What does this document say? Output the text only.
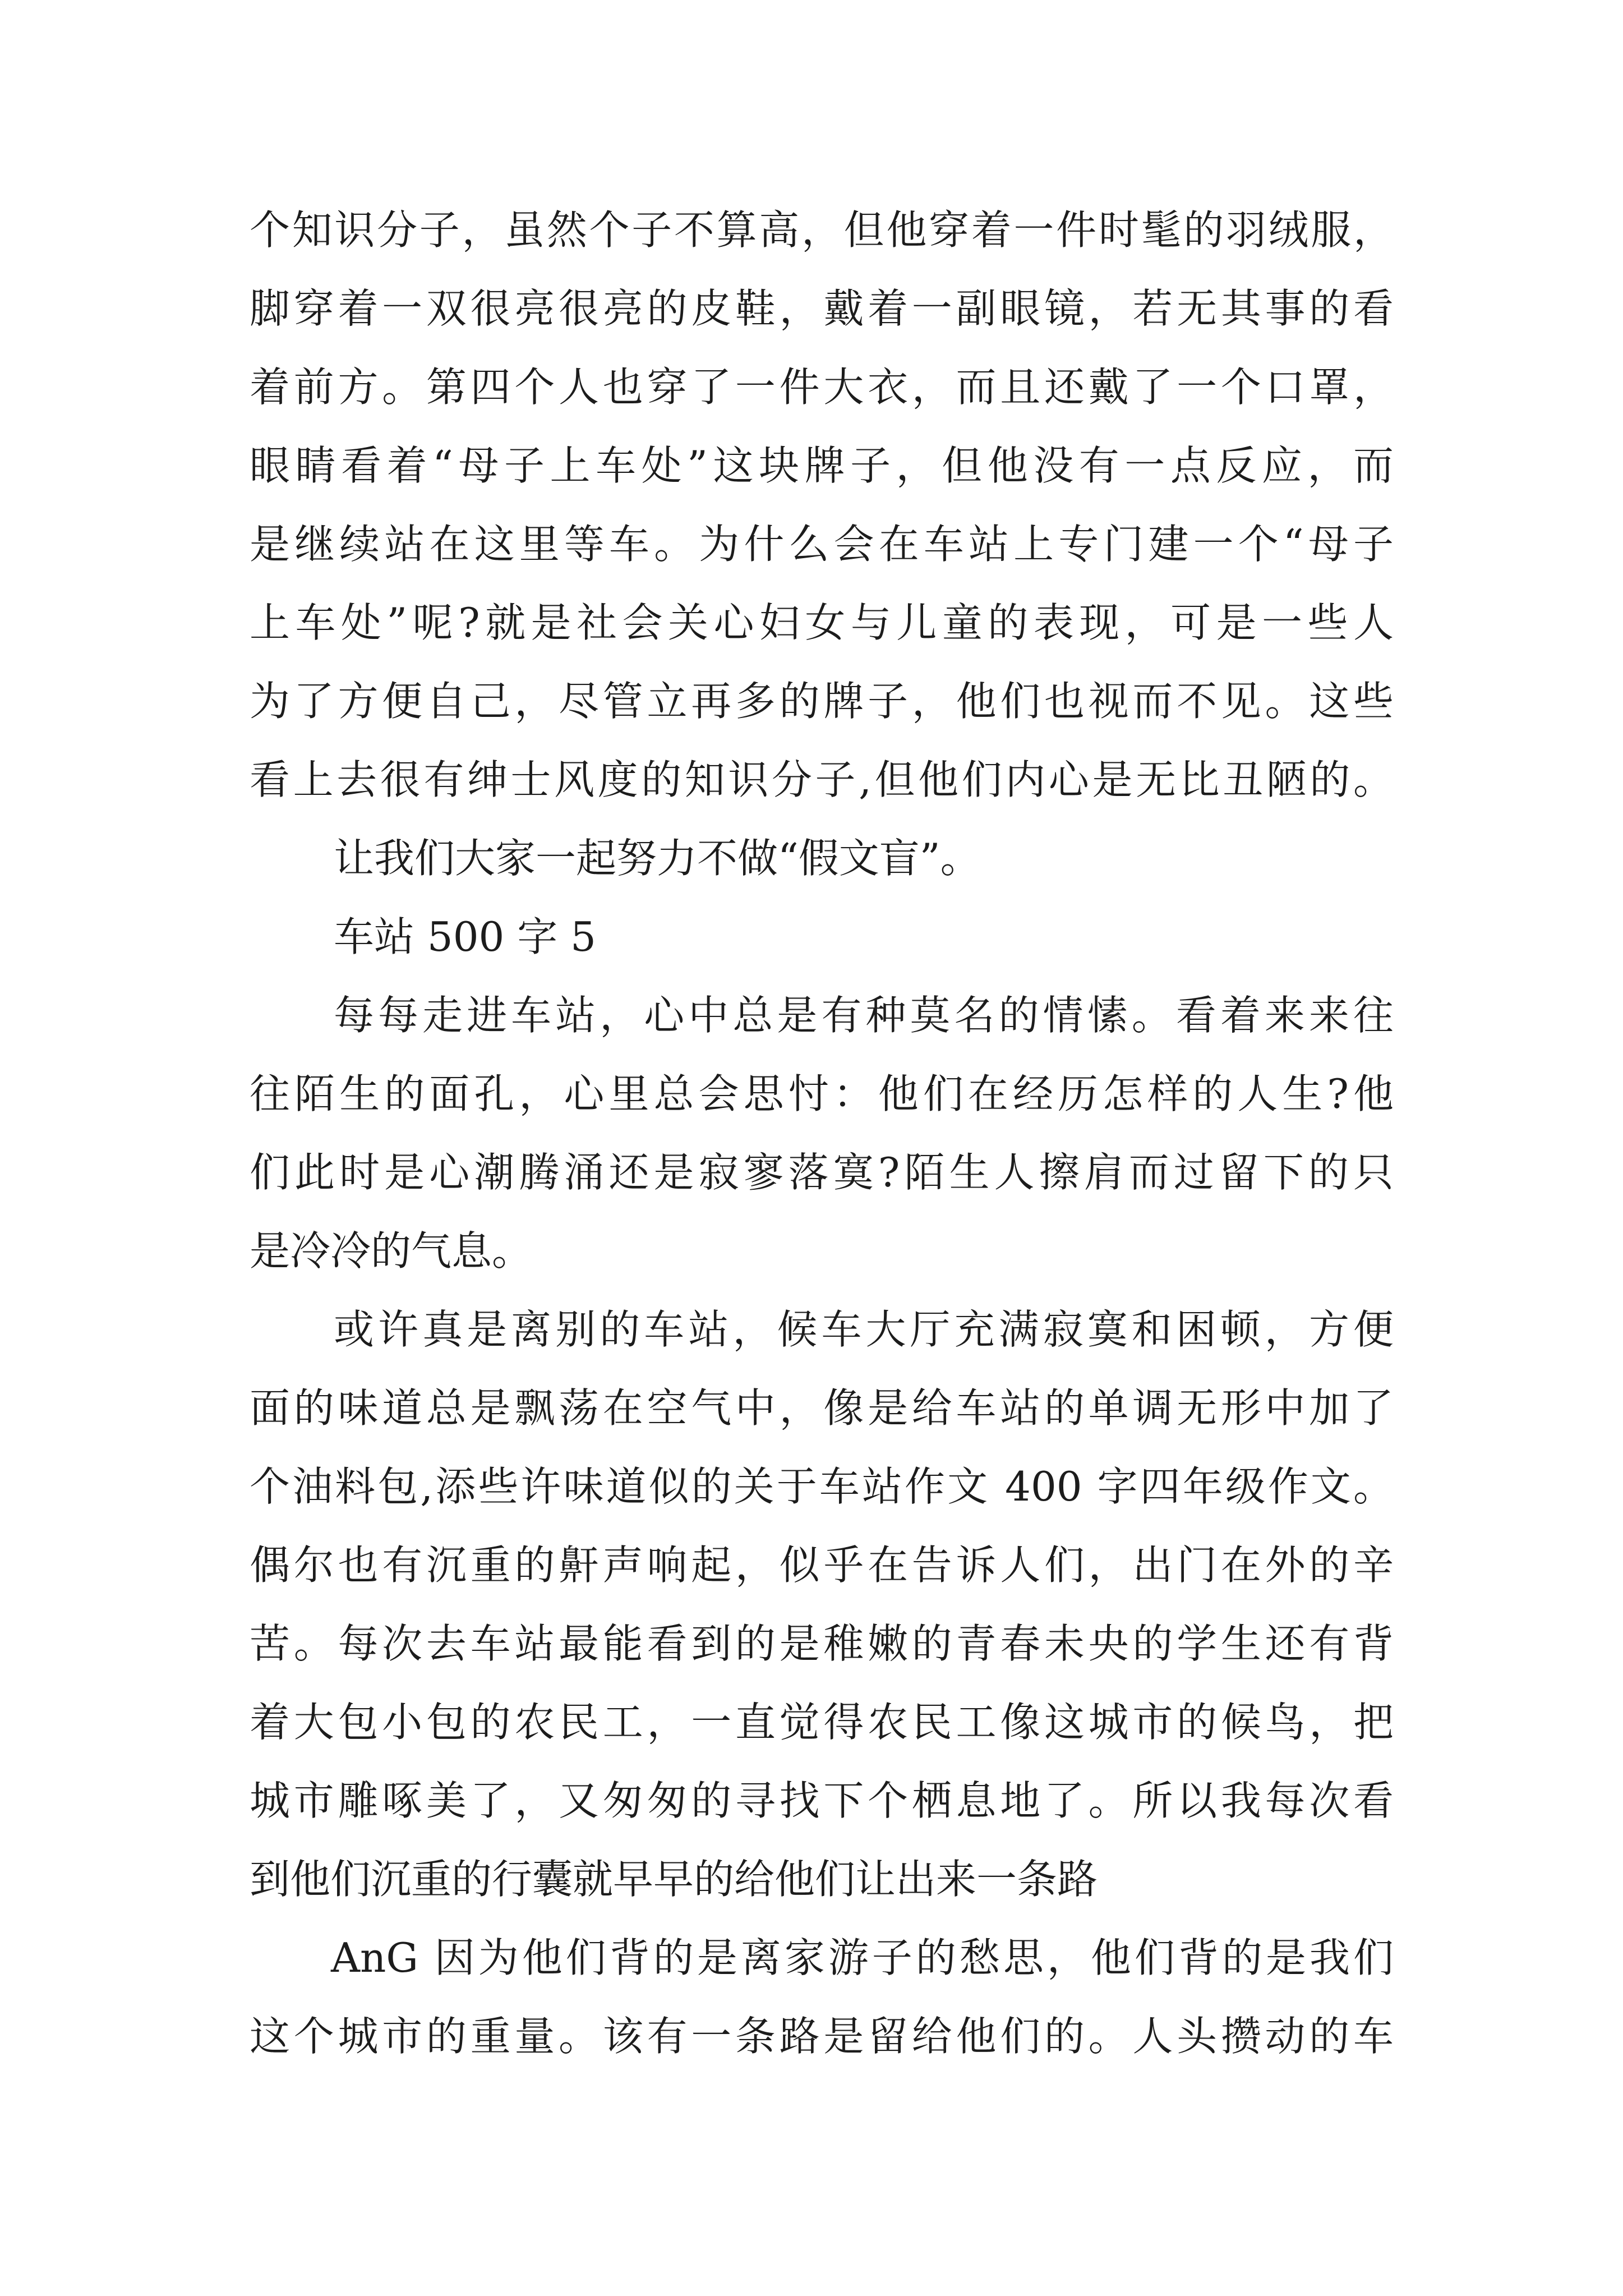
个知识分子，虽然个子不算高，但他穿着一件时髦的羽绒服，
脚穿着一双很亮很亮的皮鞋，戴着一副眼镜，若无其事的看
着前方。第四个人也穿了一件大衣，而且还戴了一个口罩，
眼睛看着“母子上车处”这块牌子，但他没有一点反应，而
是继续站在这里等车。为什么会在车站上专门建一个“母子
上车处”呢?就是社会关心妇女与儿童的表现，可是一些人
为了方便自己，尽管立再多的牌子，他们也视而不见。这些
看上去很有绅士风度的知识分子,但他们内心是无比丑陋的。
让我们大家一起努力不做“假文盲”。
车站 500 字 5
每每走进车站，心中总是有种莫名的情愫。看着来来往
往陌生的面孔，心里总会思忖：他们在经历怎样的人生?他
们此时是心潮腾涌还是寂寥落寞?陌生人擦肩而过留下的只
是冷冷的气息。
或许真是离别的车站，候车大厅充满寂寞和困顿，方便
面的味道总是飘荡在空气中，像是给车站的单调无形中加了
个油料包,添些许味道似的关于车站作文 400 字四年级作文。
偶尔也有沉重的鼾声响起，似乎在告诉人们，出门在外的辛
苦。每次去车站最能看到的是稚嫩的青春未央的学生还有背
着大包小包的农民工，一直觉得农民工像这城市的候鸟，把
城市雕啄美了，又匆匆的寻找下个栖息地了。所以我每次看
到他们沉重的行囊就早早的给他们让出来一条路
AnG 因为他们背的是离家游子的愁思，他们背的是我们
这个城市的重量。该有一条路是留给他们的。人头攒动的车
